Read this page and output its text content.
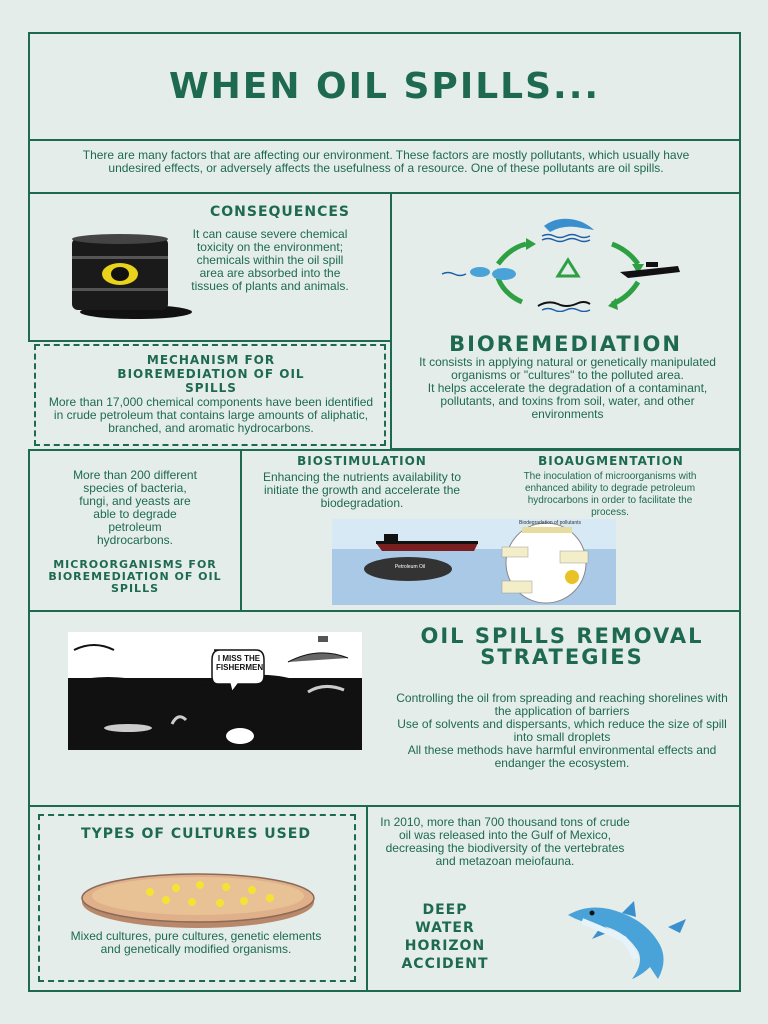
WHEN OIL SPILLS...
There are many factors that are affecting our environment. These factors are mostly pollutants, which usually have undesired effects, or adversely affects the usefulness of a resource. One of these pollutants are oil spills.
CONSEQUENCES
It can cause severe chemical toxicity on the environment; chemicals within the oil spill area are absorbed into the tissues of plants and animals.
BIOREMEDIATION
It consists in applying natural or genetically manipulated organisms or "cultures" to the polluted area.
It helps accelerate the degradation of a contaminant, pollutants, and toxins from soil, water, and other environments
MECHANISM FOR BIOREMEDIATION OF OIL SPILLS
More than 17,000 chemical components have been identified in crude petroleum that contains large amounts of aliphatic, branched, and aromatic hydrocarbons.
More than 200 different species of bacteria, fungi, and yeasts are able to degrade petroleum hydrocarbons.
MICROORGANISMS FOR BIOREMEDIATION OF OIL SPILLS
BIOSTIMULATION
Enhancing the nutrients availability to initiate the growth and accelerate the biodegradation.
BIOAUGMENTATION
The inoculation of microorganisms with enhanced ability to degrade petroleum hydrocarbons in order to facilitate the process.
Petroleum Oil
Biodegradation of pollutants
I MISS THE FISHERMEN
OIL SPILLS REMOVAL STRATEGIES
Controlling the oil from spreading and reaching shorelines with the application of barriers
Use of solvents and dispersants, which reduce the size of spill into small droplets
All these methods have harmful environmental effects and endanger the ecosystem.
TYPES OF CULTURES USED
Mixed cultures, pure cultures, genetic elements and genetically modified organisms.
In 2010, more than 700 thousand tons of crude oil was released into the Gulf of Mexico, decreasing the biodiversity of the vertebrates and metazoan meiofauna.
DEEP WATER HORIZON ACCIDENT
